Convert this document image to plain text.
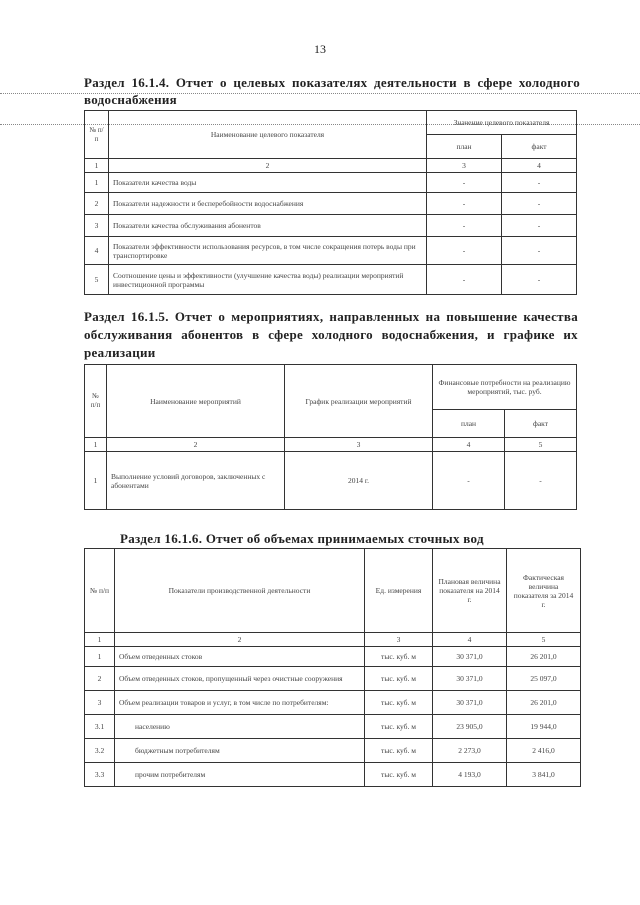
13
Раздел 16.1.4. Отчет о целевых показателях деятельности в сфере холодного водоснабжения
№ п/п	Наименование целевого показателя	Значение целевого показателя	
		план	факт
1	2	3	4
1	Показатели качества воды	-	-
2	Показатели надежности и бесперебойности водоснабжения	-	-
3	Показатели качества обслуживания абонентов	-	-
4	Показатели эффективности использования ресурсов, в том числе сокращения потерь воды при транспортировке	-	-
5	Соотношение цены и эффективности (улучшение качества воды) реализации мероприятий инвестиционной программы	-	-
Раздел 16.1.5. Отчет о мероприятиях, направленных на повышение качества обслуживания абонентов в сфере холодного водоснабжения, и графике их реализации
№ п/п	Наименование мероприятий	График реализации мероприятий	Финансовые потребности на реализацию мероприятий, тыс. руб.	
			план	факт
1	2	3	4	5
1	Выполнение условий договоров, заключенных с абонентами	2014 г.	-	-
Раздел 16.1.6. Отчет об объемах принимаемых сточных вод
№ п/п	Показатели производственной деятельности	Ед. измерения	Плановая величина показателя на 2014 г.	Фактическая величина показателя за 2014 г.
1	2	3	4	5
1	Объем отведенных стоков	тыс. куб. м	30 371,0	26 201,0
2	Объем отведенных стоков, пропущенный через очистные сооружения	тыс. куб. м	30 371,0	25 097,0
3	Объем реализации товаров и услуг, в том числе по потребителям:	тыс. куб. м	30 371,0	26 201,0
3.1	населению	тыс. куб. м	23 905,0	19 944,0
3.2	бюджетным потребителям	тыс. куб. м	2 273,0	2 416,0
3.3	прочим потребителям	тыс. куб. м	4 193,0	3 841,0
